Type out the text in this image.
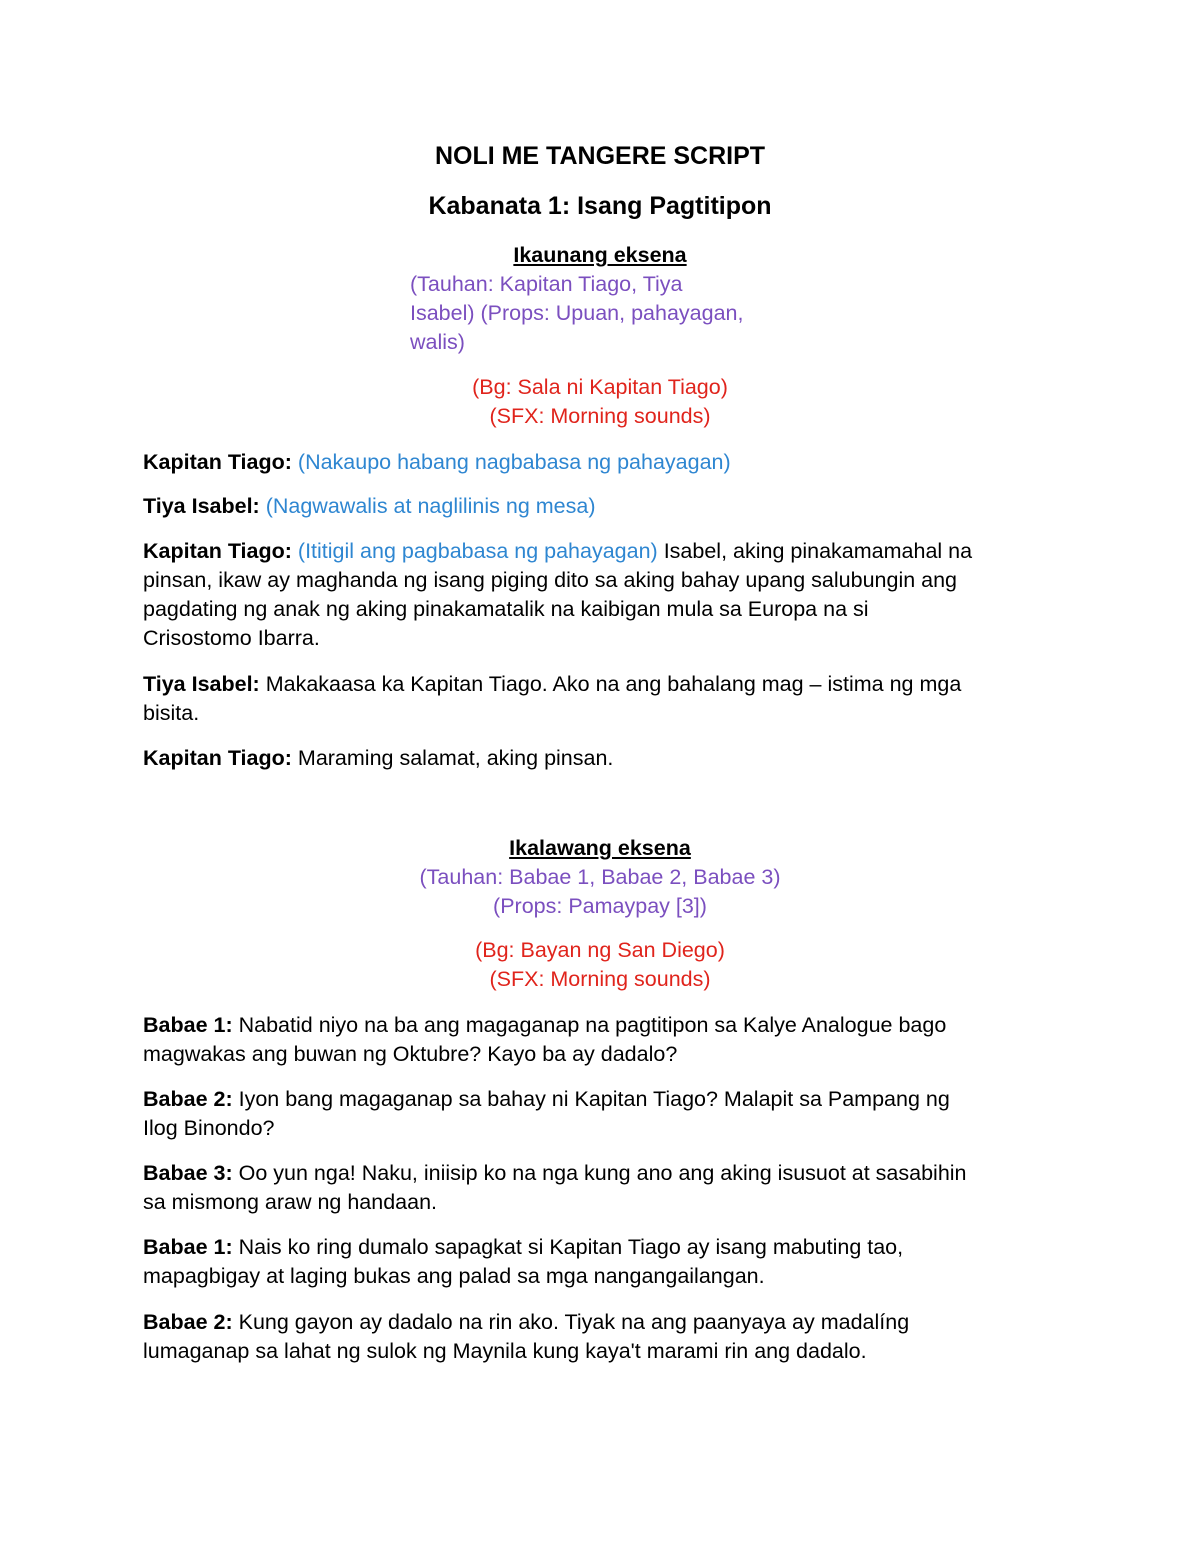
NOLI ME TANGERE SCRIPT
Kabanata 1: Isang Pagtitipon
Ikaunang eksena
(Tauhan: Kapitan Tiago, Tiya
Isabel) (Props: Upuan, pahayagan,
walis)
(Bg: Sala ni Kapitan Tiago)
(SFX: Morning sounds)
Kapitan Tiago: (Nakaupo habang nagbabasa ng pahayagan)
Tiya Isabel: (Nagwawalis at naglilinis ng mesa)
Kapitan Tiago: (Ititigil ang pagbabasa ng pahayagan) Isabel, aking pinakamamahal na
pinsan, ikaw ay maghanda ng isang piging dito sa aking bahay upang salubungin ang
pagdating ng anak ng aking pinakamatalik na kaibigan mula sa Europa na si
Crisostomo Ibarra.
Tiya Isabel: Makakaasa ka Kapitan Tiago. Ako na ang bahalang mag – istima ng mga
bisita.
Kapitan Tiago: Maraming salamat, aking pinsan.
Ikalawang eksena
(Tauhan: Babae 1, Babae 2, Babae 3)
(Props: Pamaypay [3])
(Bg: Bayan ng San Diego)
(SFX: Morning sounds)
Babae 1: Nabatid niyo na ba ang magaganap na pagtitipon sa Kalye Analogue bago
magwakas ang buwan ng Oktubre? Kayo ba ay dadalo?
Babae 2: Iyon bang magaganap sa bahay ni Kapitan Tiago? Malapit sa Pampang ng
Ilog Binondo?
Babae 3: Oo yun nga! Naku, iniisip ko na nga kung ano ang aking isusuot at sasabihin
sa mismong araw ng handaan.
Babae 1: Nais ko ring dumalo sapagkat si Kapitan Tiago ay isang mabuting tao,
mapagbigay at laging bukas ang palad sa mga nangangailangan.
Babae 2: Kung gayon ay dadalo na rin ako. Tiyak na ang paanyaya ay madalíng
lumaganap sa lahat ng sulok ng Maynila kung kaya't marami rin ang dadalo.
